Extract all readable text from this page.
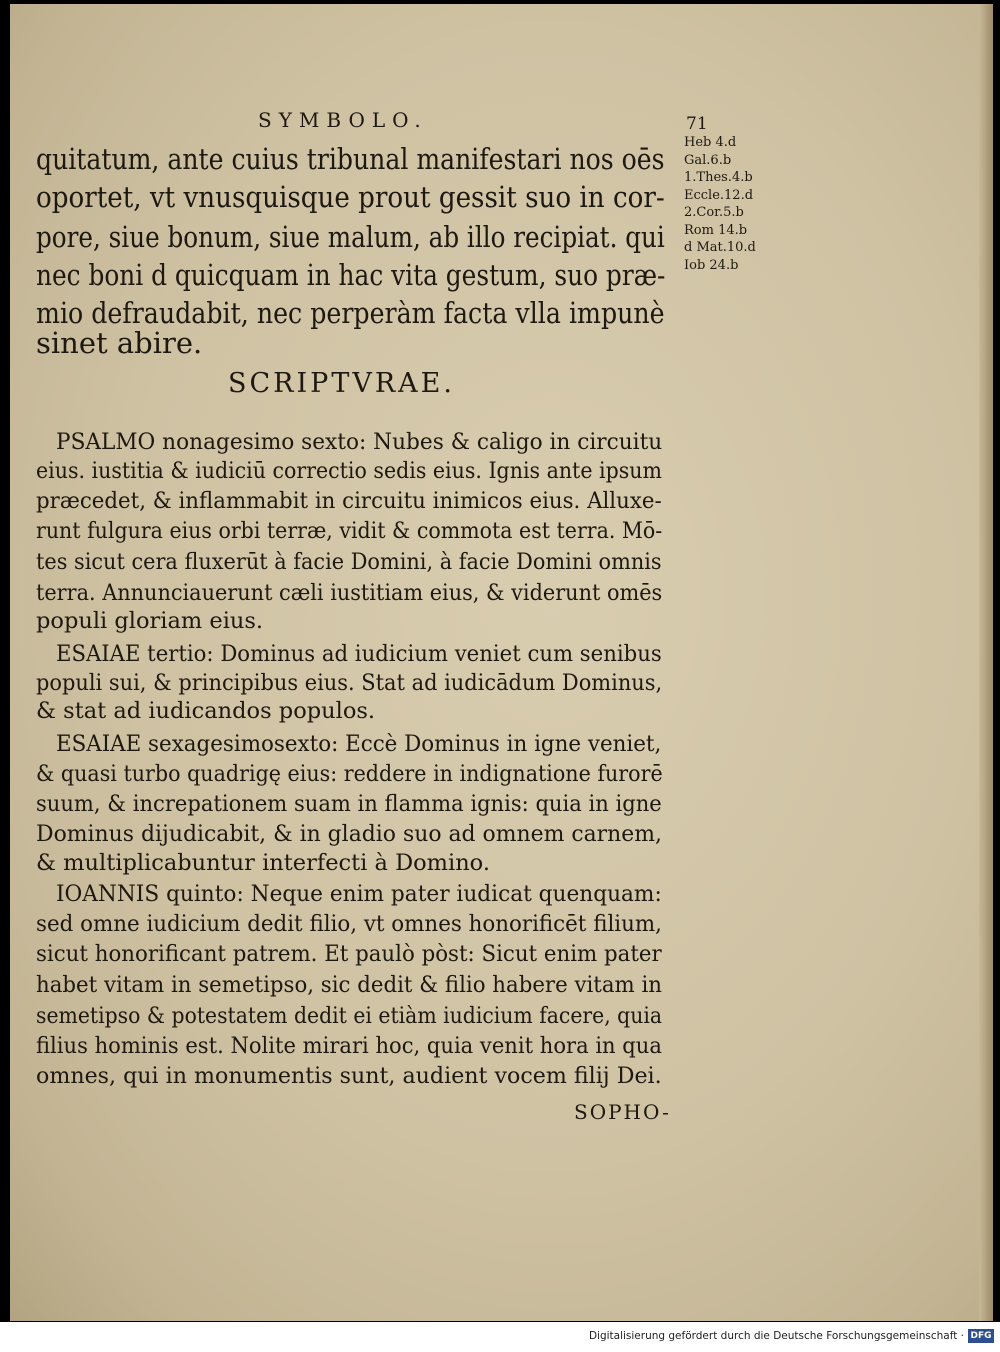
SYMBOLO.	71
quitatum, ante cuius tribunal manifestari nos oēs
oportet, vt vnusquisque prout gessit suo in cor-
pore, siue bonum, siue malum, ab illo recipiat. qui
nec boni d quicquam in hac vita gestum, suo præ-
mio defraudabit, nec perperàm facta vlla impunè
sinet abire.
Heb 4.d
Gal.6.b
1.Thes.4.b
Eccle.12.d
2.Cor.5.b
Rom 14.b
d Mat.10.d
Iob 24.b
SCRIPTVRAE.
PSALMO nonagesimo sexto: Nubes & caligo in circuitu
eius. iustitia & iudiciū correctio sedis eius. Ignis ante ipsum
præcedet, & inflammabit in circuitu inimicos eius. Alluxe-
runt fulgura eius orbi terræ, vidit & commota est terra. Mō-
tes sicut cera fluxerūt à facie Domini, à facie Domini omnis
terra. Annunciauerunt cæli iustitiam eius, & viderunt omēs
populi gloriam eius.
ESAIAE tertio: Dominus ad iudicium veniet cum senibus
populi sui, & principibus eius. Stat ad iudicādum Dominus,
& stat ad iudicandos populos.
ESAIAE sexagesimosexto: Eccè Dominus in igne veniet,
& quasi turbo quadrigę eius: reddere in indignatione furorē
suum, & increpationem suam in flamma ignis: quia in igne
Dominus dijudicabit, & in gladio suo ad omnem carnem,
& multiplicabuntur interfecti à Domino.
IOANNIS quinto: Neque enim pater iudicat quenquam:
sed omne iudicium dedit filio, vt omnes honorificēt filium,
sicut honorificant patrem. Et paulò pòst: Sicut enim pater
habet vitam in semetipso, sic dedit & filio habere vitam in
semetipso & potestatem dedit ei etiàm iudicium facere, quia
filius hominis est. Nolite mirari hoc, quia venit hora in qua
omnes, qui in monumentis sunt, audient vocem filij Dei.
SOPHO-
Digitalisierung gefördert durch die Deutsche Forschungsgemeinschaft · DFG
